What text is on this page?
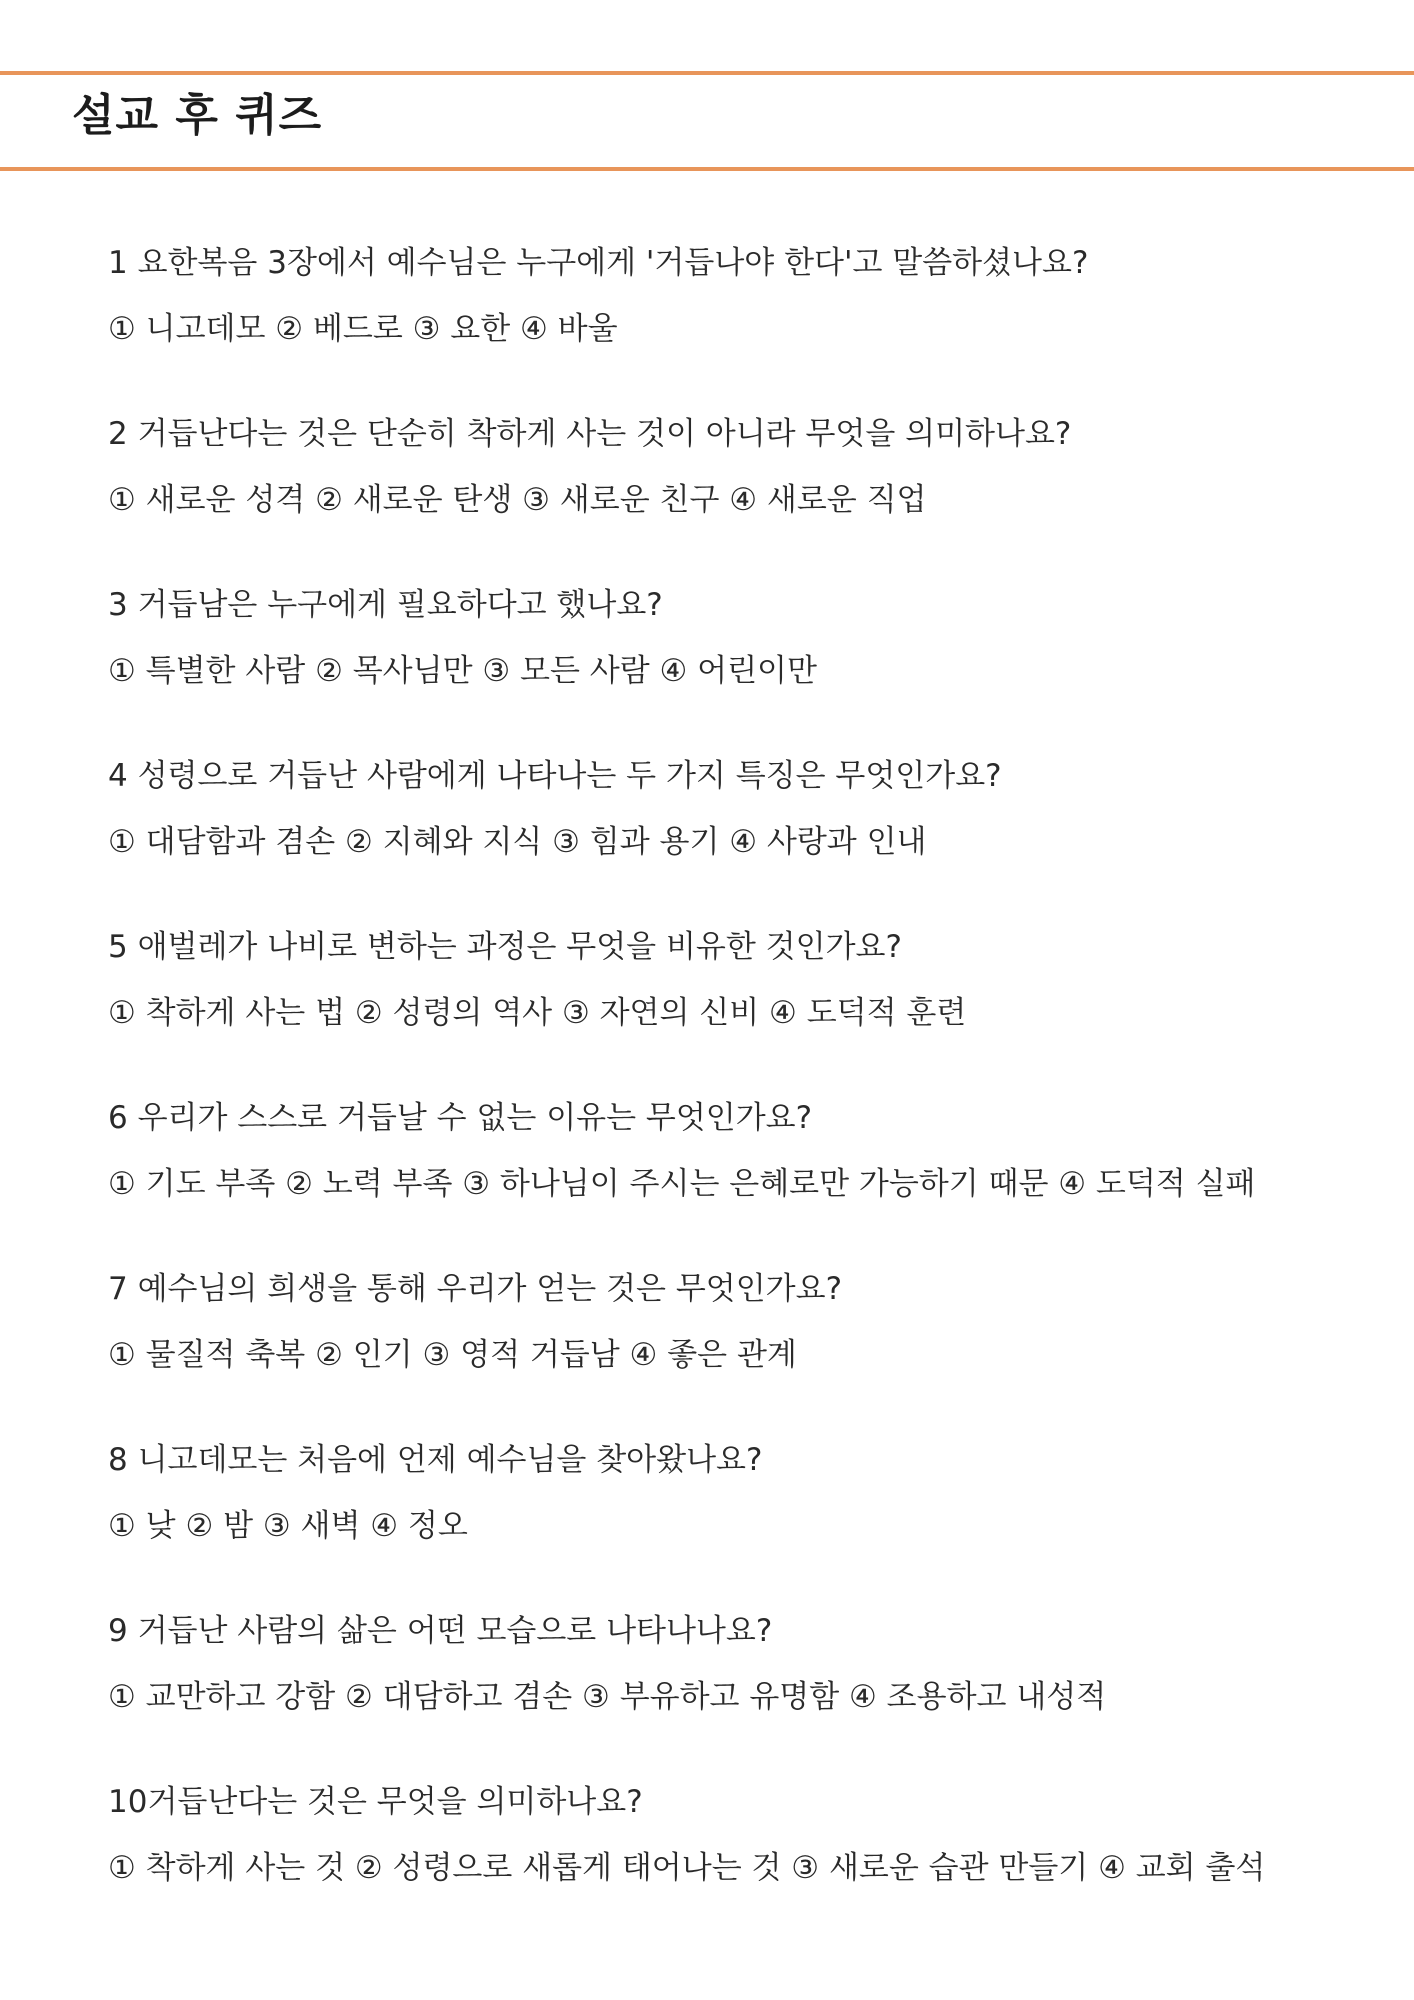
설교 후 퀴즈
1 요한복음 3장에서 예수님은 누구에게 '거듭나야 한다'고 말씀하셨나요?
① 니고데모 ② 베드로 ③ 요한 ④ 바울
2 거듭난다는 것은 단순히 착하게 사는 것이 아니라 무엇을 의미하나요?
① 새로운 성격 ② 새로운 탄생 ③ 새로운 친구 ④ 새로운 직업
3 거듭남은 누구에게 필요하다고 했나요?
① 특별한 사람 ② 목사님만 ③ 모든 사람 ④ 어린이만
4 성령으로 거듭난 사람에게 나타나는 두 가지 특징은 무엇인가요?
① 대담함과 겸손 ② 지혜와 지식 ③ 힘과 용기 ④ 사랑과 인내
5 애벌레가 나비로 변하는 과정은 무엇을 비유한 것인가요?
① 착하게 사는 법 ② 성령의 역사 ③ 자연의 신비 ④ 도덕적 훈련
6 우리가 스스로 거듭날 수 없는 이유는 무엇인가요?
① 기도 부족 ② 노력 부족 ③ 하나님이 주시는 은혜로만 가능하기 때문 ④ 도덕적 실패
7 예수님의 희생을 통해 우리가 얻는 것은 무엇인가요?
① 물질적 축복 ② 인기 ③ 영적 거듭남 ④ 좋은 관계
8 니고데모는 처음에 언제 예수님을 찾아왔나요?
① 낮 ② 밤 ③ 새벽 ④ 정오
9 거듭난 사람의 삶은 어떤 모습으로 나타나나요?
① 교만하고 강함 ② 대담하고 겸손 ③ 부유하고 유명함 ④ 조용하고 내성적
10거듭난다는 것은 무엇을 의미하나요?
① 착하게 사는 것 ② 성령으로 새롭게 태어나는 것 ③ 새로운 습관 만들기 ④ 교회 출석
